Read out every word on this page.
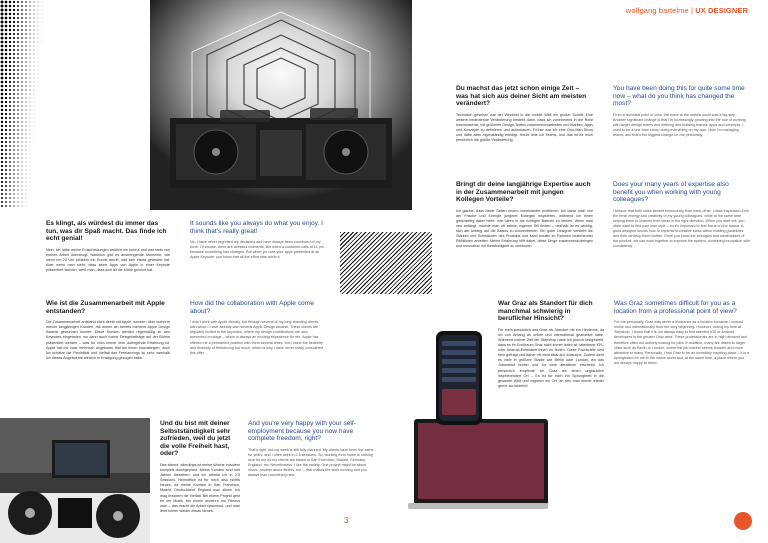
wolfgang bartelme | UX DESIGNER
Du machst das jetzt schon einige Zeit – was hat sich aus deiner Sicht am meisten verändert?

Technisch gesehen war der Wechsel in die mobile Welt ein großer Schritt. Eine weitere bedeutende Veränderung besteht darin, dass ich zunehmend in die Rolle hineinwachse, mit größeren Design-Teams zusammenzuarbeiten und Marken, Apps und Konzepte zu definieren und aufzubauen. Früher war ich eine One-Man-Show und habe alles eigenständig erledigt. Heute leite ich Teams, und das ist für mich persönlich die größte Veränderung.

You have been doing this for quite some time now – what do you think has changed the most?

From a technical point of view, the move to the mobile world was a big step. Another significant change is that I'm increasingly growing into the role of working with larger design teams and defining and building brands, apps and concepts. I used to be a one-man show, doing everything on my own. Now I'm managing teams, and that's the biggest change for me personally.

Bringt dir deine langjährige Expertise auch in der Zusammenarbeit mit jungen Kollegen Vorteile?

Ich glaube, dass beide Seiten enorm voneinander profitieren. Ich lasse mich von der Frische und Energie jüngerer Kollegen inspirieren, während ich ihnen gleichzeitig dabei helfe, ihre Ideen in die richtigen Bahnen zu lenken. Wenn man neu anfängt, möchte man oft seinen eigenen Stil finden – deshalb ist es wichtig, sich am Anfang auf die Basics zu konzentrieren. Ein guter Designer versteht die Stärken und Schwächen des Produkts und kann kreativ im Rahmen bestehender Richtlinien arbeiten. Meine Erfahrung hilft dabei, diese Dinge zusammenzubringen und Innovation mit Beständigkeit zu verbinden.

Does your many years of expertise also benefit you when working with young colleagues?

I believe that both sides benefit enormously from each other. I draw inspiration from the fresh energy and creativity of my young colleagues, while at the same time helping them to channel their ideas in the right direction. When you start out, you often want to find your own style – so it's important to first focus on the basics. A good designer knows how to implement creative ideas within existing guidelines and then develop them further. Once you know the strengths and weaknesses of the product, we can work together to improve the system, combining innovation with consistency.

Es klingt, als würdest du immer das tun, was dir Spaß macht. Das finde ich echt genial!

Nein, ich habe meine Entscheidungen wirklich nie bereut und war stets von meiner Arbeit überzeugt. Natürlich gibt es anstrengende Momente, wie wenn um 23 Uhr plötzlich ein Kunde anruft, weil sich etwas geändert hat. Aber wenn man sieht, dass seine Apps von Apple in einer Keynote präsentiert werden, weiß man, dass sich all die Mühe gelohnt hat.

It sounds like you always do what you enjoy. I think that's really great!

No, I have never regretted my decisions and have always been convinced of my work. Of course, there are stressful moments, like when a customer calls at 11 pm because something has changed. But when you see your apps presented at an Apple Keynote, you know that all the effort was worth it.

Wie ist die Zusammenarbeit mit Apple entstanden?

Die Zusammenarbeit entstand nicht direkt mit Apple, sondern über mehrere meiner langjährigen Kunden, mit denen ich bereits mehrere Apple Design Awards gewonnen konnte. Diese Kunden werden regelmäßig zu den Keynotes eingeladen, wo dann auch meine Designbeiträge auf der Bühne präsentiert werden – was für mich immer eine aufregende Erfahrung ist. Apple hat mir zwar mehrfach angeboten fest bei ihnen einzusteigen, doch ich schätze die Flexibilität und Vielfalt des Freelancings zu sehr, weshalb ich dieses Angebot nie wirklich in Erwägung gezogen habe.

How did the collaboration with Apple come about?

I didn't work with Apple directly, but through several of my long-standing clients, with whom I have already won several Apple Design Awards. These clients are regularly invited to the keynotes, where my design contributions are also presented on stage – which is always an exciting experience for me. Apple has offered me a permanent position with them several times, but I value the flexibility and diversity of freelancing too much, which is why I have never really considered this offer.

Und du bist mit deiner Selbstständigkeit sehr zufrieden, weil du jetzt die volle Freiheit hast, oder?

Das stimmt, allerdings ist meine Woche trotzdem komplett durchgeplant. Meine Kunden sind seit Jahren dieselben, und ich arbeite ich in 2,5 Sessions. Heimoffice ist für mich also nichts Neues, da meine Kunden in San Francisco, Madrid, Deutschland, England usw. sitzen. Ich mag trotzdem die Vielfalt. Bei einem Projekt geht es um Musik, bei einem anderen um Fitness usw. – das macht die Arbeit spannend, und man lernt immer wieder etwas Neues.

And you're very happy with your self-employment because you now have complete freedom, right?

That's right, but my week is still fully planned. My clients have been the same for years, and I often work in 2.5 sessions. So, working from home is nothing new for me as my clients are based in San Francisco, Madrid, Germany, England, etc. Nevertheless, I like the variety. One project might be about music, another about fitness, etc. – that makes the work exciting and you always learn something new.

War Graz als Standort für dich manchmal schwierig in beruflicher Hinsicht?

Für mein persönlich war Graz als Standort nie ein Hindernis, da ich von Anfang an online und international gearbeitet habe. Während meiner Zeit bei Stepshop habe ich jedoch festgestellt, dass es im Großraum Graz nicht immer leicht ist, talentierte iOS- oder Android-Entwickler:innen zu finden. Diese Fachkräfte sind sehr gefragt und daher oft nicht aktiv auf Jobsuche. Zudem zieht es viele in größere Städte wie Berlin oder London, wo das Jobumfeld breiter und für viele attraktiver erscheint. Ich persönlich empfinde ich Graz als einen unglaublich inspirierenden Ort – Es ist für mich ein Sprungbrett in die gesamte Welt und zugleich ein Ort, an den man immer wieder gerne zurückkehrt.

Was Graz sometimes difficult for you as a location from a professional point of view?

For me personally, Graz was never a hindrance as a location because I worked online and internationally from the very beginning. However, during my time at Stepshop, I found that it is not always easy to find talented iOS or Android developers in the greater Graz area. These professionals are in high demand and therefore often not actively looking for jobs. In addition, many are drawn to larger cities such as Berlin or London, where the job market seems broader and more attractive to many. Personally, I find Graz to be an incredibly inspiring place – it is a springboard for me to the whole world and, at the same time, a place where you are always happy to return.

3
